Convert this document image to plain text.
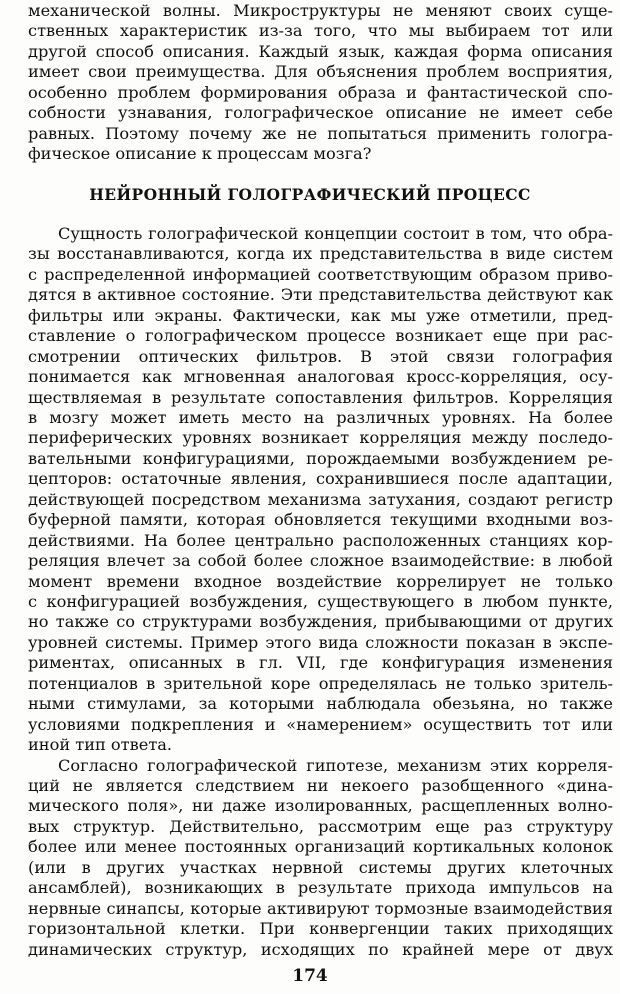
механической волны. Микроструктуры не меняют своих суще-
ственных характеристик из-за того, что мы выбираем тот или
другой способ описания. Каждый язык, каждая форма описания
имеет свои преимущества. Для объяснения проблем восприятия,
особенно проблем формирования образа и фантастической спо-
собности узнавания, голографическое описание не имеет себе
равных. Поэтому почему же не попытаться применить гологра-
фическое описание к процессам мозга?
НЕЙРОННЫЙ ГОЛОГРАФИЧЕСКИЙ ПРОЦЕСС
Сущность голографической концепции состоит в том, что обра-
зы восстанавливаются, когда их представительства в виде систем
с распределенной информацией соответствующим образом приво-
дятся в активное состояние. Эти представительства действуют как
фильтры или экраны. Фактически, как мы уже отметили, пред-
ставление о голографическом процессе возникает еще при рас-
смотрении оптических фильтров. В этой связи голография
понимается как мгновенная аналоговая кросс-корреляция, осу-
ществляемая в результате сопоставления фильтров. Корреляция
в мозгу может иметь место на различных уровнях. На более
периферических уровнях возникает корреляция между последо-
вательными конфигурациями, порождаемыми возбуждением ре-
цепторов: остаточные явления, сохранившиеся после адаптации,
действующей посредством механизма затухания, создают регистр
буферной памяти, которая обновляется текущими входными воз-
действиями. На более центрально расположенных станциях кор-
реляция влечет за собой более сложное взаимодействие: в любой
момент времени входное воздействие коррелирует не только
с конфигурацией возбуждения, существующего в любом пункте,
но также со структурами возбуждения, прибывающими от других
уровней системы. Пример этого вида сложности показан в экспе-
риментах, описанных в гл. VII, где конфигурация изменения
потенциалов в зрительной коре определялась не только зритель-
ными стимулами, за которыми наблюдала обезьяна, но также
условиями подкрепления и «намерением» осуществить тот или
иной тип ответа.
Согласно голографической гипотезе, механизм этих корреля-
ций не является следствием ни некоего разобщенного «дина-
мического поля», ни даже изолированных, расщепленных волно-
вых структур. Действительно, рассмотрим еще раз структуру
более или менее постоянных организаций кортикальных колонок
(или в других участках нервной системы других клеточных
ансамблей), возникающих в результате прихода импульсов на
нервные синапсы, которые активируют тормозные взаимодействия
горизонтальной клетки. При конвергенции таких приходящих
динамических структур, исходящих по крайней мере от двух
174
